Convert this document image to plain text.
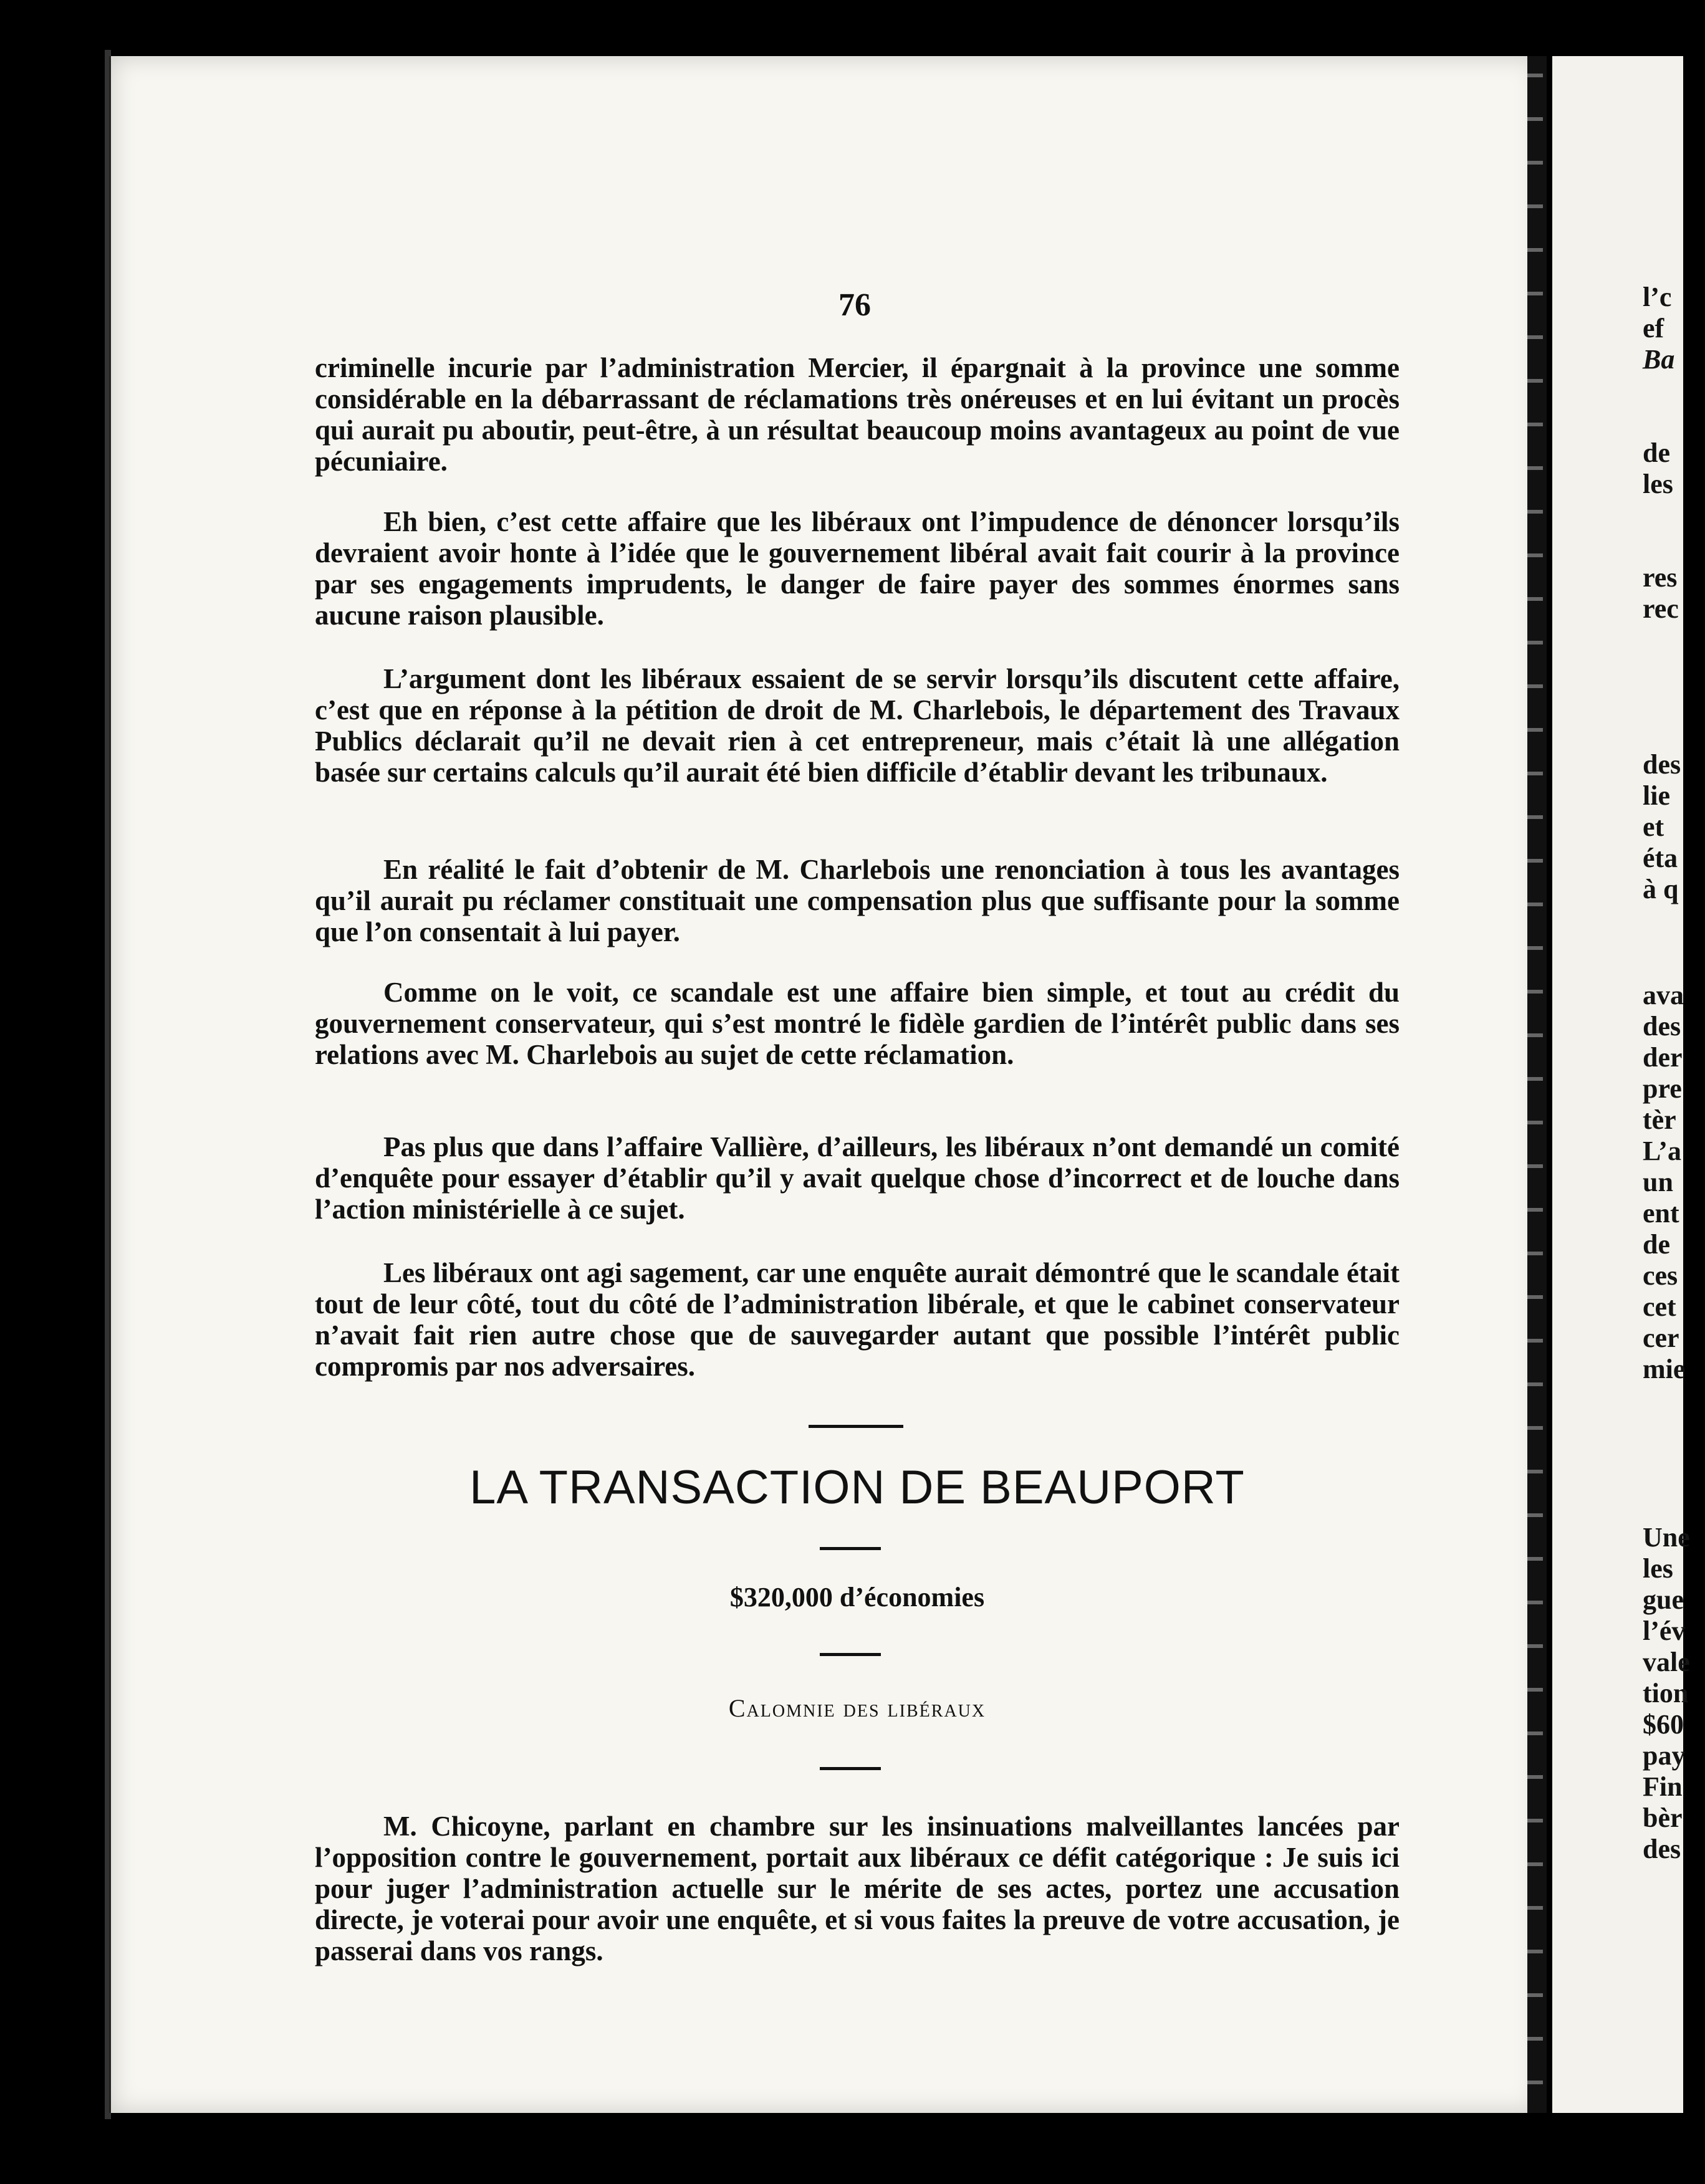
76

criminelle incurie par l’administration Mercier, il épargnait à la province une somme considérable en la débarrassant de réclamations très onéreuses et en lui évitant un procès qui aurait pu aboutir, peut-être, à un résultat beaucoup moins avantageux au point de vue pécuniaire.

Eh bien, c’est cette affaire que les libéraux ont l’impudence de dénoncer lorsqu’ils devraient avoir honte à l’idée que le gouvernement libéral avait fait courir à la province par ses engagements imprudents, le danger de faire payer des sommes énormes sans aucune raison plausible.

L’argument dont les libéraux essaient de se servir lorsqu’ils discutent cette affaire, c’est que en réponse à la pétition de droit de M. Charlebois, le département des Travaux Publics déclarait qu’il ne devait rien à cet entrepreneur, mais c’était là une allégation basée sur certains calculs qu’il aurait été bien difficile d’établir devant les tribunaux.

En réalité le fait d’obtenir de M. Charlebois une renonciation à tous les avantages qu’il aurait pu réclamer constituait une compensation plus que suffisante pour la somme que l’on consentait à lui payer.

Comme on le voit, ce scandale est une affaire bien simple, et tout au crédit du gouvernement conservateur, qui s’est montré le fidèle gardien de l’intérêt public dans ses relations avec M. Charlebois au sujet de cette réclamation.

Pas plus que dans l’affaire Vallière, d’ailleurs, les libéraux n’ont demandé un comité d’enquête pour essayer d’établir qu’il y avait quelque chose d’incorrect et de louche dans l’action ministérielle à ce sujet.

Les libéraux ont agi sagement, car une enquête aurait démontré que le scandale était tout de leur côté, tout du côté de l’administration libérale, et que le cabinet conservateur n’avait fait rien autre chose que de sauvegarder autant que possible l’intérêt public compromis par nos adversaires.

LA TRANSACTION DE BEAUPORT
$320,000 d’économies
Calomnie des libéraux

M. Chicoyne, parlant en chambre sur les insinuations malveillantes lancées par l’opposition contre le gouvernement, portait aux libéraux ce défit catégorique : Je suis ici pour juger l’administration actuelle sur le mérite de ses actes, portez une accusation directe, je voterai pour avoir une enquête, et si vous faites la preuve de votre accusation, je passerai dans vos rangs.

l’c
ef
Ba
de
les
res
rec
des
lie
et
éta
à q
ava
des
der
pre
tèr
L’a
un
ent
de
ces
cet
cer
mie
Une
les
gue
l’év
vale
tion
$60
pay
Fin
bèr
des
